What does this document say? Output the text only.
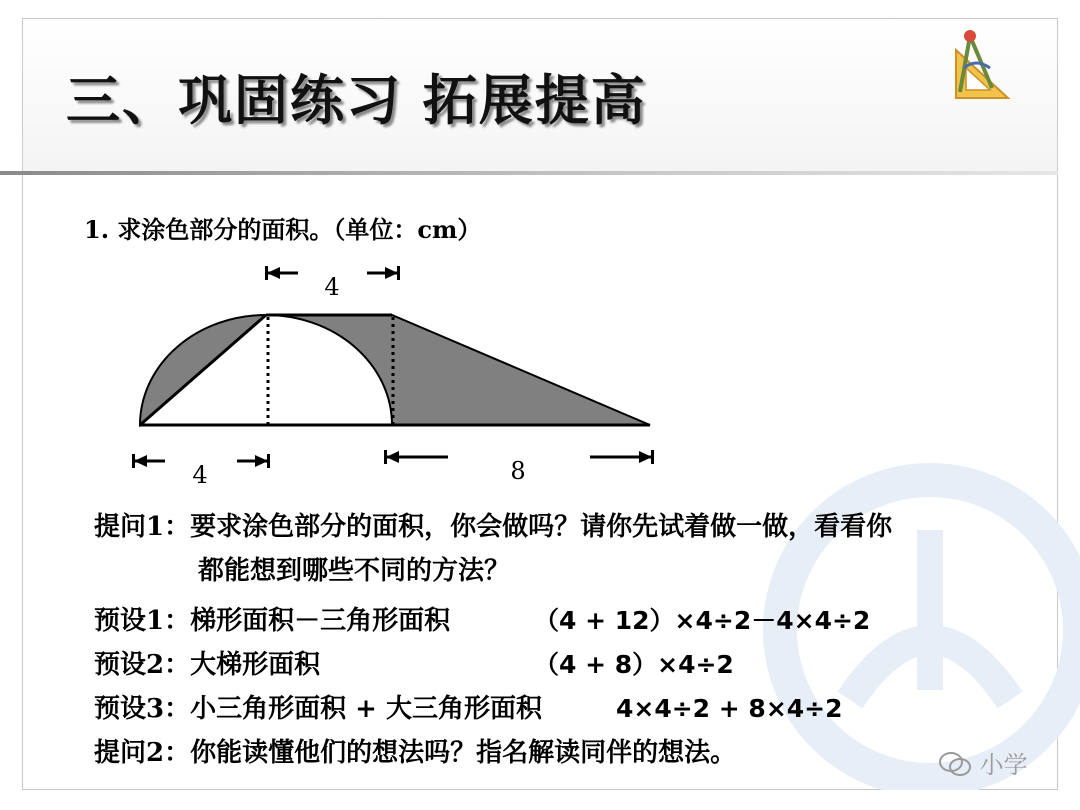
三、巩固练习 拓展提高
1. 求涂色部分的面积。（单位：cm）
4
4	8
提问1：要求涂色部分的面积，你会做吗？请你先试着做一做，看看你
都能想到哪些不同的方法？
预设1：梯形面积－三角形面积	（4 + 12）×4÷2－4×4÷2
预设2：大梯形面积	（4 + 8）×4÷2
预设3：小三角形面积 + 大三角形面积	4×4÷2 + 8×4÷2
提问2：你能读懂他们的想法吗？指名解读同伴的想法。	小学
